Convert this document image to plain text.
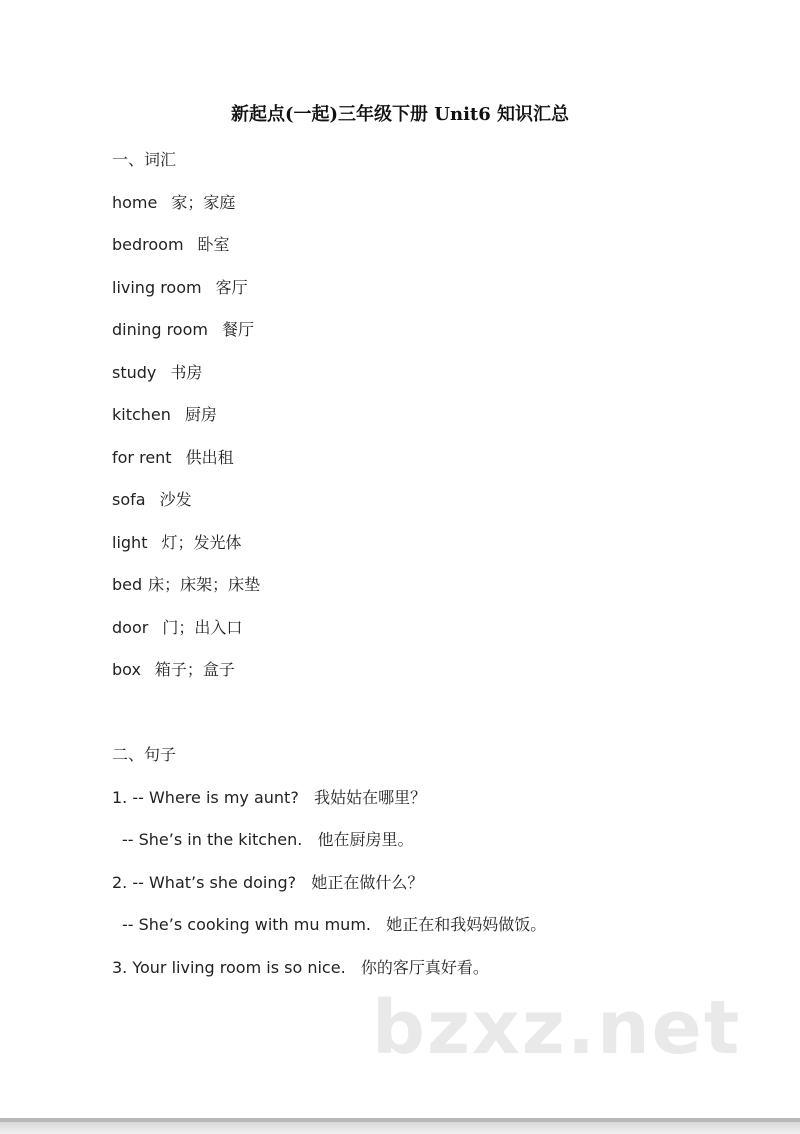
新起点(一起)三年级下册 Unit6 知识汇总
一、词汇
home 家；家庭
bedroom 卧室
living room 客厅
dining room 餐厅
study 书房
kitchen 厨房
for rent 供出租
sofa 沙发
light 灯；发光体
bed 床；床架；床垫
door 门；出入口
box 箱子；盒子
二、句子
1. -- Where is my aunt?   我姑姑在哪里？
-- She’s in the kitchen.   他在厨房里。
2. -- What’s she doing?   她正在做什么？
-- She’s cooking with mu mum.   她正在和我妈妈做饭。
3. Your living room is so nice.   你的客厅真好看。
bzxz.net
